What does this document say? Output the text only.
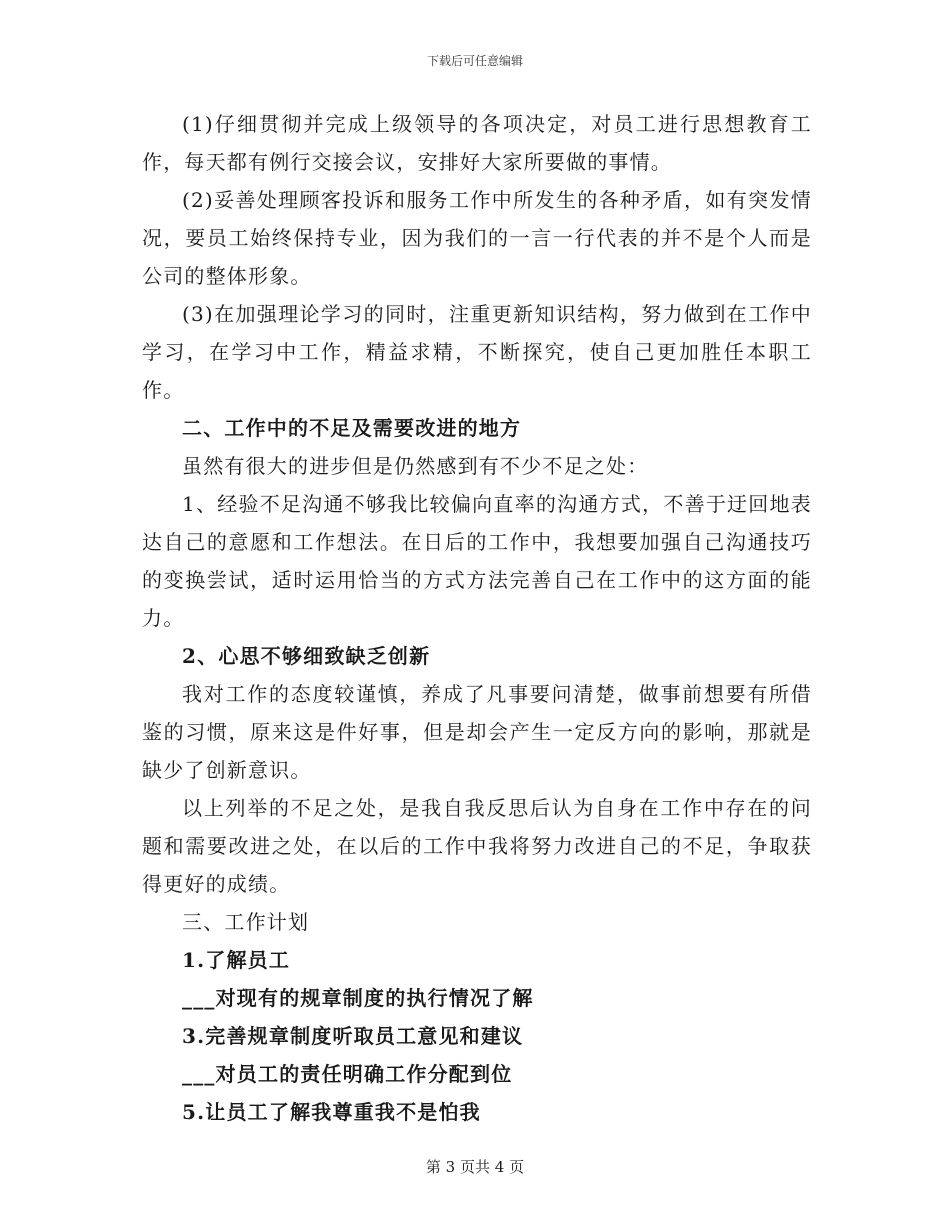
下载后可任意编辑

(1)仔细贯彻并完成上级领导的各项决定，对员工进行思想教育工作，每天都有例行交接会议，安排好大家所要做的事情。

(2)妥善处理顾客投诉和服务工作中所发生的各种矛盾，如有突发情况，要员工始终保持专业，因为我们的一言一行代表的并不是个人而是公司的整体形象。

(3)在加强理论学习的同时，注重更新知识结构，努力做到在工作中学习，在学习中工作，精益求精，不断探究，使自己更加胜任本职工作。

二、工作中的不足及需要改进的地方

虽然有很大的进步但是仍然感到有不少不足之处：

1、经验不足沟通不够我比较偏向直率的沟通方式，不善于迂回地表达自己的意愿和工作想法。在日后的工作中，我想要加强自己沟通技巧的变换尝试，适时运用恰当的方式方法完善自己在工作中的这方面的能力。

2、心思不够细致缺乏创新

我对工作的态度较谨慎，养成了凡事要问清楚，做事前想要有所借鉴的习惯，原来这是件好事，但是却会产生一定反方向的影响，那就是缺少了创新意识。

以上列举的不足之处，是我自我反思后认为自身在工作中存在的问题和需要改进之处，在以后的工作中我将努力改进自己的不足，争取获得更好的成绩。

三、工作计划

1.了解员工

___对现有的规章制度的执行情况了解

3.完善规章制度听取员工意见和建议

___对员工的责任明确工作分配到位

5.让员工了解我尊重我不是怕我

第 3 页共 4 页
